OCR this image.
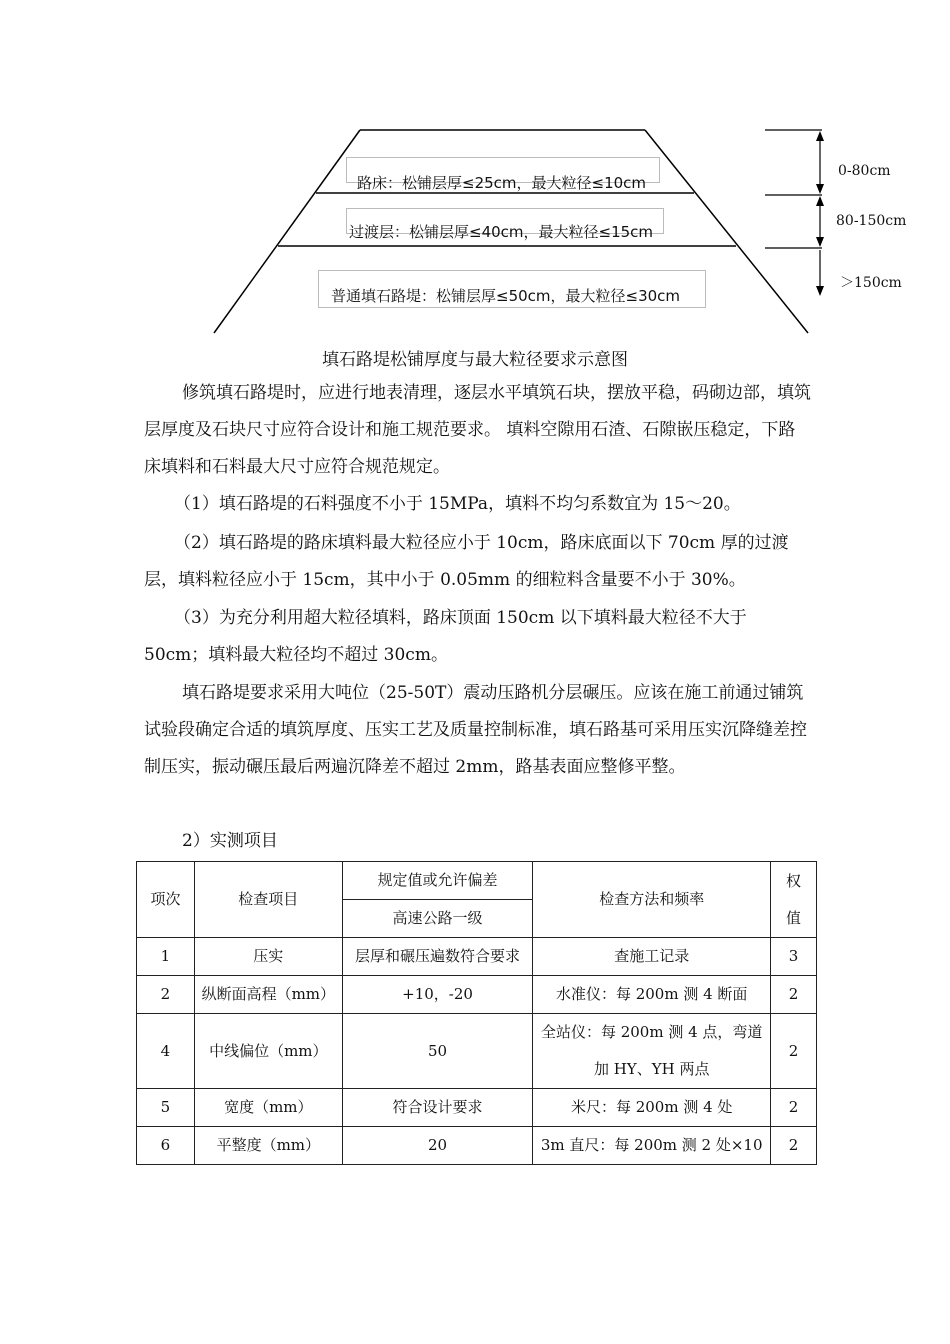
路床：松铺层厚≤25cm，最大粒径≤10cm
过渡层：松铺层厚≤40cm，最大粒径≤15cm
普通填石路堤：松铺层厚≤50cm，最大粒径≤30cm
0-80cm
80-150cm
＞150cm
填石路堤松铺厚度与最大粒径要求示意图

修筑填石路堤时，应进行地表清理，逐层水平填筑石块，摆放平稳，码砌边部，填筑层厚度及石块尺寸应符合设计和施工规范要求。 填料空隙用石渣、石隙嵌压稳定，下路床填料和石料最大尺寸应符合规范规定。

（1）填石路堤的石料强度不小于 15MPa，填料不均匀系数宜为 15～20。

（2）填石路堤的路床填料最大粒径应小于 10cm，路床底面以下 70cm 厚的过渡层，填料粒径应小于 15cm，其中小于 0.05mm 的细粒料含量要不小于 30%。

（3）为充分利用超大粒径填料，路床顶面 150cm 以下填料最大粒径不大于 50cm；填料最大粒径均不超过 30cm。

填石路堤要求采用大吨位（25-50T）震动压路机分层碾压。应该在施工前通过铺筑试验段确定合适的填筑厚度、压实工艺及质量控制标准，填石路基可采用压实沉降缝差控制压实，振动碾压最后两遍沉降差不超过 2mm，路基表面应整修平整。

2）实测项目

项次	检查项目	规定值或允许偏差	检查方法和频率	权值
		高速公路一级		
1	压实	层厚和碾压遍数符合要求	查施工记录	3
2	纵断面高程（mm）	+10，-20	水准仪：每 200m 测 4 断面	2
4	中线偏位（mm）	50	全站仪：每 200m 测 4 点，弯道加 HY、YH 两点	2
5	宽度（mm）	符合设计要求	米尺：每 200m 测 4 处	2
6	平整度（mm）	20	3m 直尺：每 200m 测 2 处×10	2
